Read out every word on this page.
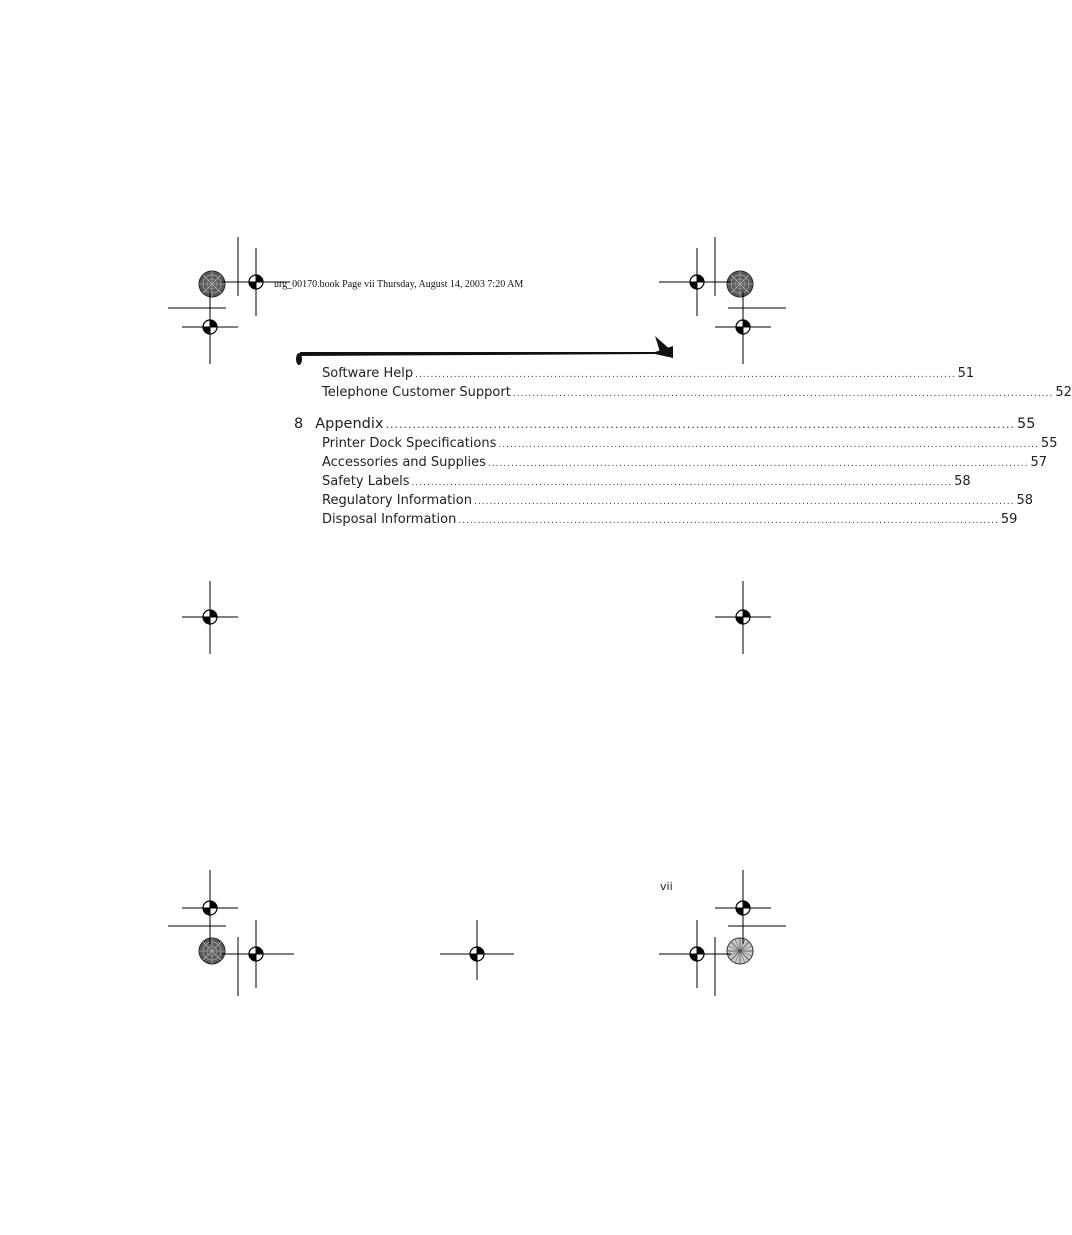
urg_00170.book Page vii Thursday, August 14, 2003 7:20 AM
Software Help ............................................................................................................................................ 51
Telephone Customer Support ............................................................................................................................................ 52
8 Appendix ............................................................................................................................................ 55
Printer Dock Specifications ............................................................................................................................................ 55
Accessories and Supplies ............................................................................................................................................ 57
Safety Labels ............................................................................................................................................ 58
Regulatory Information ............................................................................................................................................ 58
Disposal Information ............................................................................................................................................ 59
vii
